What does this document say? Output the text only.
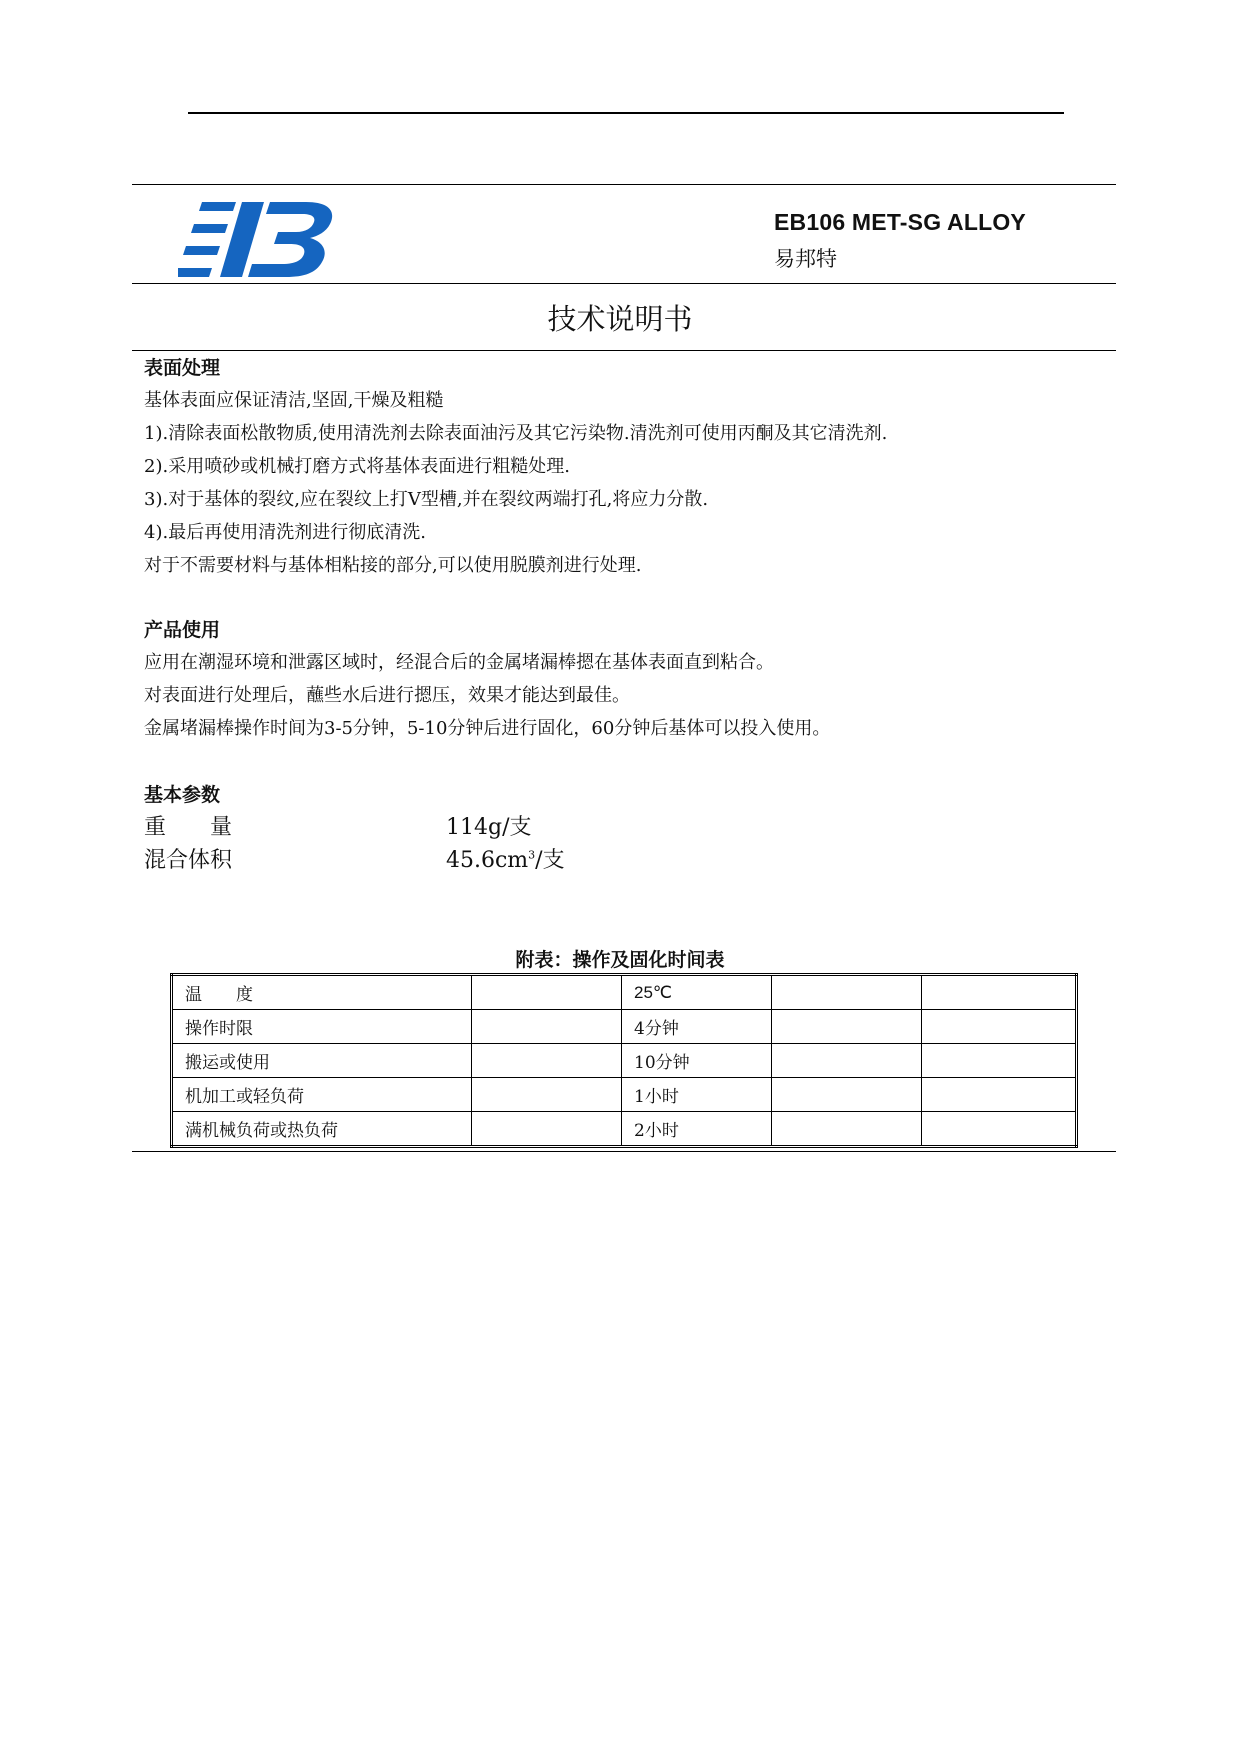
EB106 MET-SG ALLOY
易邦特
技术说明书
表面处理
基体表面应保证清洁,坚固,干燥及粗糙
1).清除表面松散物质,使用清洗剂去除表面油污及其它污染物.清洗剂可使用丙酮及其它清洗剂.
2).采用喷砂或机械打磨方式将基体表面进行粗糙处理.
3).对于基体的裂纹,应在裂纹上打V型槽,并在裂纹两端打孔,将应力分散.
4).最后再使用清洗剂进行彻底清洗.
对于不需要材料与基体相粘接的部分,可以使用脱膜剂进行处理.
产品使用
应用在潮湿环境和泄露区域时，经混合后的金属堵漏棒摁在基体表面直到粘合。
对表面进行处理后，蘸些水后进行摁压，效果才能达到最佳。
金属堵漏棒操作时间为3-5分钟，5-10分钟后进行固化，60分钟后基体可以投入使用。
基本参数
重　　量	114g/支
混合体积	$45.6cm^3/$支
附表：操作及固化时间表
温　　度		25℃		
操作时限		4分钟		
搬运或使用		10分钟		
机加工或轻负荷		1小时		
满机械负荷或热负荷		2小时		
